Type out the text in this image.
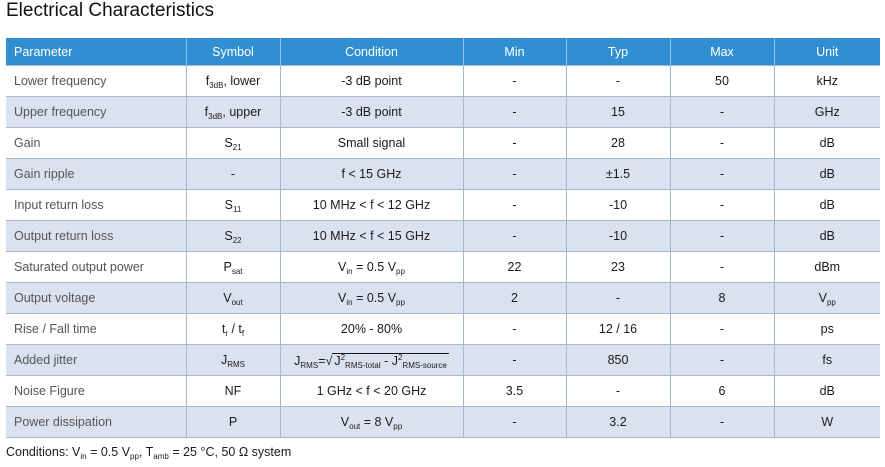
Electrical Characteristics
Parameter	Symbol	Condition	Min	Typ	Max	Unit
Lower frequency	$f_{3dB}$, lower	-3 dB point	-	-	50	kHz
Upper frequency	$f_{3dB}$, upper	-3 dB point	-	15	-	GHz
Gain	$S_{21}$	Small signal	-	28	-	dB
Gain ripple	-	f < 15 GHz	-	±1.5	-	dB
Input return loss	$S_{11}$	10 MHz < f < 12 GHz	-	-10	-	dB
Output return loss	$S_{22}$	10 MHz < f < 15 GHz	-	-10	-	dB
Saturated output power	$P_{sat}$	$V_{in} = 0.5$ $V_{pp}$	22	23	-	dBm
Output voltage	$V_{out}$	$V_{in} = 0.5$ $V_{pp}$	2	-	8	$V_{pp}$
Rise / Fall time	$t_r / t_f$	20% - 80%	-	12 / 16	-	ps
Added jitter	$J_{RMS}$	$J_{RMS}=√$ $J^2_{RMS-total} - J^2_{RMS-source}$	-	850	-	fs
Noise Figure	NF	1 GHz < f < 20 GHz	3.5	-	6	dB
Power dissipation	P	$V_{out} = 8$ $V_{pp}$	-	3.2	-	W
Conditions: $V_{in} = 0.5$ $V_{pp}$, $T_{amb} = 25$ °C, 50 Ω system
